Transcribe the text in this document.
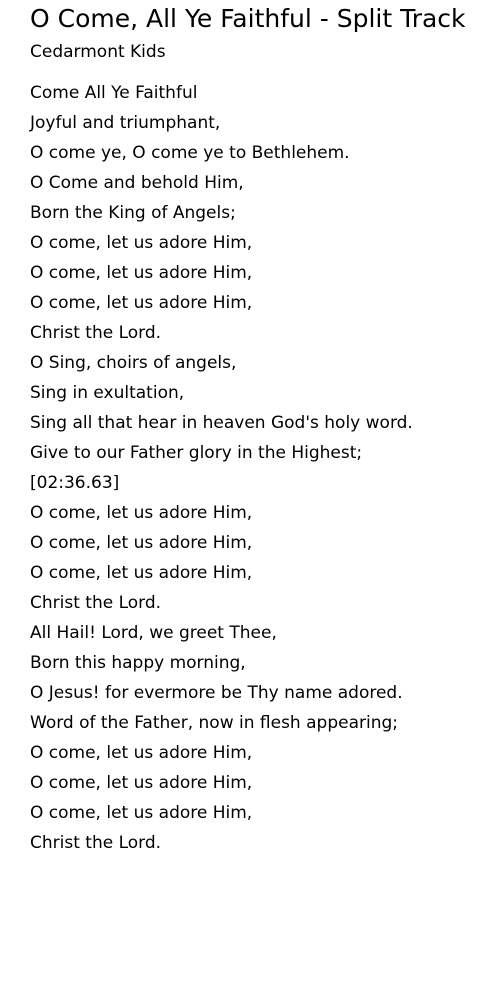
O Come, All Ye Faithful - Split Track
Cedarmont Kids
Come All Ye Faithful
Joyful and triumphant,
O come ye, O come ye to Bethlehem.
O Come and behold Him,
Born the King of Angels;
O come, let us adore Him,
O come, let us adore Him,
O come, let us adore Him,
Christ the Lord.
O Sing, choirs of angels,
Sing in exultation,
Sing all that hear in heaven God's holy word.
Give to our Father glory in the Highest;
[02:36.63]
O come, let us adore Him,
O come, let us adore Him,
O come, let us adore Him,
Christ the Lord.
All Hail! Lord, we greet Thee,
Born this happy morning,
O Jesus! for evermore be Thy name adored.
Word of the Father, now in flesh appearing;
O come, let us adore Him,
O come, let us adore Him,
O come, let us adore Him,
Christ the Lord.
